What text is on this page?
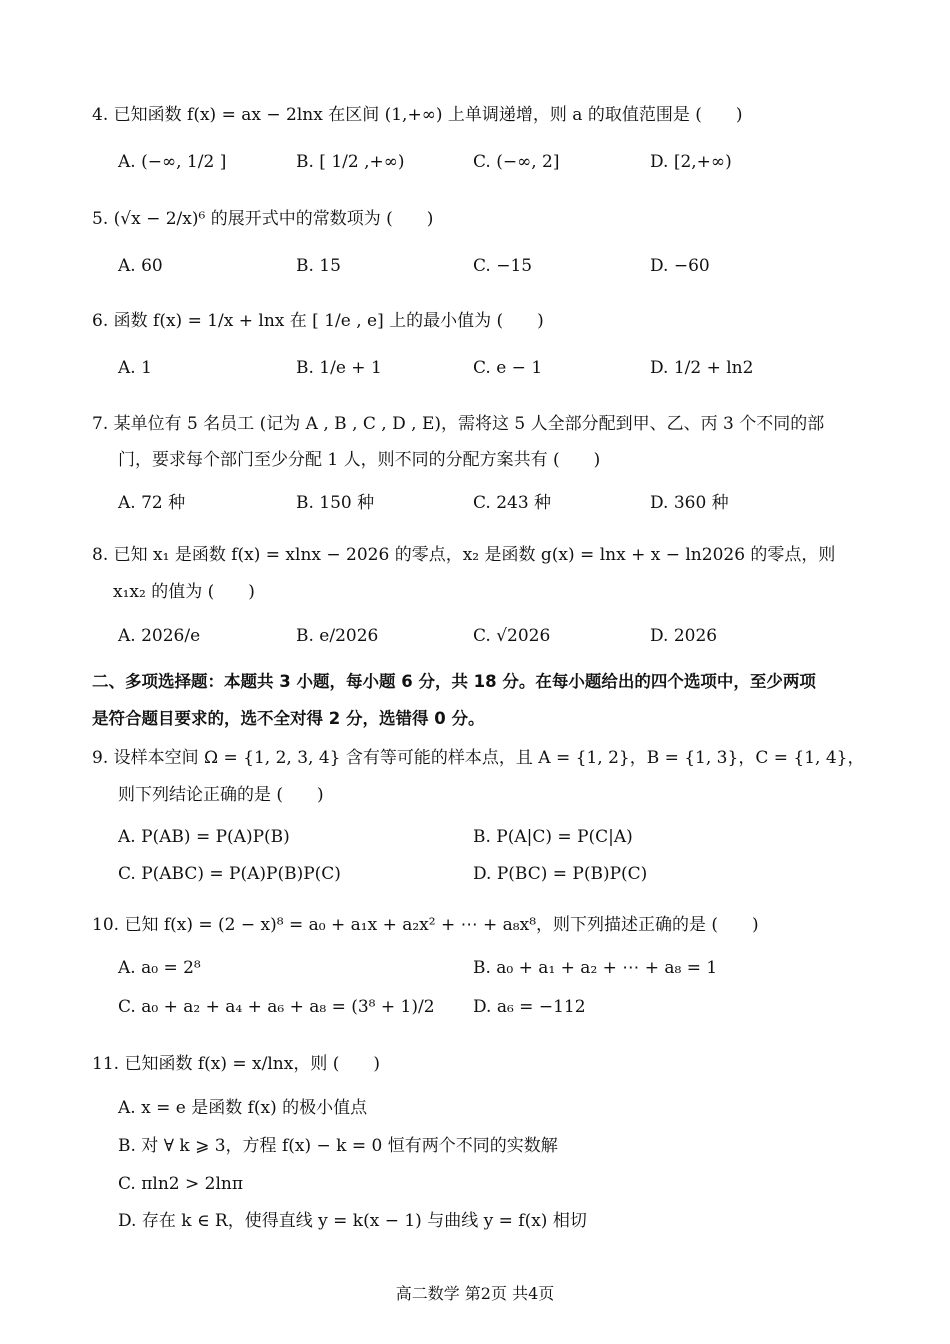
4. 已知函数 f(x) = ax − 2lnx 在区间 (1,+∞) 上单调递增，则 a 的取值范围是 (　　)
A. (−∞, 1/2 ]	B. [ 1/2 ,+∞)	C. (−∞, 2]	D. [2,+∞)
5. (√x − 2/x)⁶ 的展开式中的常数项为 (　　)
A. 60	B. 15	C. −15	D. −60
6. 函数 f(x) = 1/x + lnx 在 [ 1/e , e] 上的最小值为 (　　)
A. 1	B. 1/e + 1	C. e − 1	D. 1/2 + ln2
7. 某单位有 5 名员工 (记为 A , B , C , D , E)，需将这 5 人全部分配到甲、乙、丙 3 个不同的部
门，要求每个部门至少分配 1 人，则不同的分配方案共有 (　　)
A. 72 种	B. 150 种	C. 243 种	D. 360 种
8. 已知 x₁ 是函数 f(x) = xlnx − 2026 的零点，x₂ 是函数 g(x) = lnx + x − ln2026 的零点，则
x₁x₂ 的值为 (　　)
A. 2026/e	B. e/2026	C. √2026	D. 2026
二、多项选择题：本题共 3 小题，每小题 6 分，共 18 分。在每小题给出的四个选项中，至少两项
是符合题目要求的，选不全对得 2 分，选错得 0 分。
9. 设样本空间 Ω = {1, 2, 3, 4} 含有等可能的样本点，且 A = {1, 2}，B = {1, 3}，C = {1, 4}，
则下列结论正确的是 (　　)
A. P(AB) = P(A)P(B)	B. P(A|C) = P(C|A)
C. P(ABC) = P(A)P(B)P(C)	D. P(BC) = P(B)P(C)
10. 已知 f(x) = (2 − x)⁸ = a₀ + a₁x + a₂x² + ⋯ + a₈x⁸，则下列描述正确的是 (　　)
A. a₀ = 2⁸	B. a₀ + a₁ + a₂ + ⋯ + a₈ = 1
C. a₀ + a₂ + a₄ + a₆ + a₈ = (3⁸ + 1)/2 D. a₆ = −112
11. 已知函数 f(x) = x/lnx，则 (　　)
A. x = e 是函数 f(x) 的极小值点
B. 对 ∀ k ⩾ 3，方程 f(x) − k = 0 恒有两个不同的实数解
C. πln2 > 2lnπ
D. 存在 k ∈ R，使得直线 y = k(x − 1) 与曲线 y = f(x) 相切
高二数学 第2页 共4页
